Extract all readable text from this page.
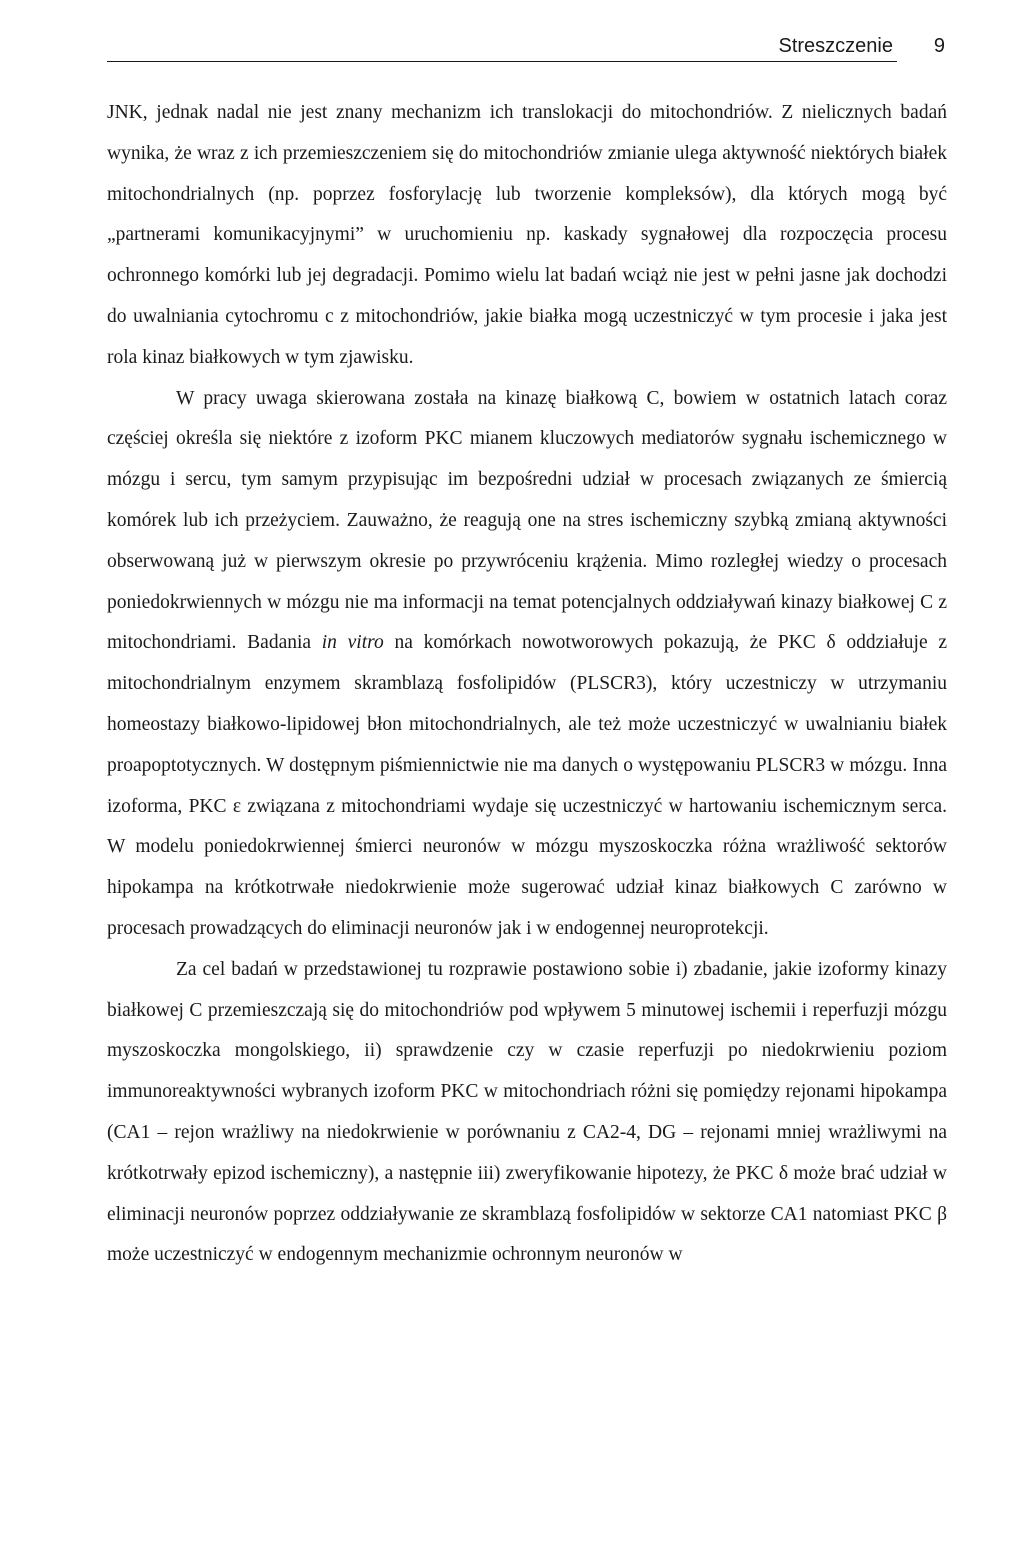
Streszczenie 9

JNK, jednak nadal nie jest znany mechanizm ich translokacji do mitochondriów. Z nielicznych badań wynika, że wraz z ich przemieszczeniem się do mitochondriów zmianie ulega aktywność niektórych białek mitochondrialnych (np. poprzez fosforylację lub tworzenie kompleksów), dla których mogą być „partnerami komunikacyjnymi” w uruchomieniu np. kaskady sygnałowej dla rozpoczęcia procesu ochronnego komórki lub jej degradacji. Pomimo wielu lat badań wciąż nie jest w pełni jasne jak dochodzi do uwalniania cytochromu c z mitochondriów, jakie białka mogą uczestniczyć w tym procesie i jaka jest rola kinaz białkowych w tym zjawisku.

W pracy uwaga skierowana została na kinazę białkową C, bowiem w ostatnich latach coraz częściej określa się niektóre z izoform PKC mianem kluczowych mediatorów sygnału ischemicznego w mózgu i sercu, tym samym przypisując im bezpośredni udział w procesach związanych ze śmiercią komórek lub ich przeżyciem. Zauważno, że reagują one na stres ischemiczny szybką zmianą aktywności obserwowaną już w pierwszym okresie po przywróceniu krążenia. Mimo rozległej wiedzy o procesach poniedokrwiennych w mózgu nie ma informacji na temat potencjalnych oddziaływań kinazy białkowej C z mitochondriami. Badania in vitro na komórkach nowotworowych pokazują, że PKC δ oddziałuje z mitochondrialnym enzymem skramblazą fosfolipidów (PLSCR3), który uczestniczy w utrzymaniu homeostazy białkowo-lipidowej błon mitochondrialnych, ale też może uczestniczyć w uwalnianiu białek proapoptotycznych. W dostępnym piśmiennictwie nie ma danych o występowaniu PLSCR3 w mózgu. Inna izoforma, PKC ε związana z mitochondriami wydaje się uczestniczyć w hartowaniu ischemicznym serca. W modelu poniedokrwiennej śmierci neuronów w mózgu myszoskoczka różna wrażliwość sektorów hipokampa na krótkotrwałe niedokrwienie może sugerować udział kinaz białkowych C zarówno w procesach prowadzących do eliminacji neuronów jak i w endogennej neuroprotekcji.

Za cel badań w przedstawionej tu rozprawie postawiono sobie i) zbadanie, jakie izoformy kinazy białkowej C przemieszczają się do mitochondriów pod wpływem 5 minutowej ischemii i reperfuzji mózgu myszoskoczka mongolskiego, ii) sprawdzenie czy w czasie reperfuzji po niedokrwieniu poziom immunoreaktywności wybranych izoform PKC w mitochondriach różni się pomiędzy rejonami hipokampa (CA1 – rejon wrażliwy na niedokrwienie w porównaniu z CA2-4, DG – rejonami mniej wrażliwymi na krótkotrwały epizod ischemiczny), a następnie iii) zweryfikowanie hipotezy, że PKC δ może brać udział w eliminacji neuronów poprzez oddziaływanie ze skramblazą fosfolipidów w sektorze CA1 natomiast PKC β może uczestniczyć w endogennym mechanizmie ochronnym neuronów w
